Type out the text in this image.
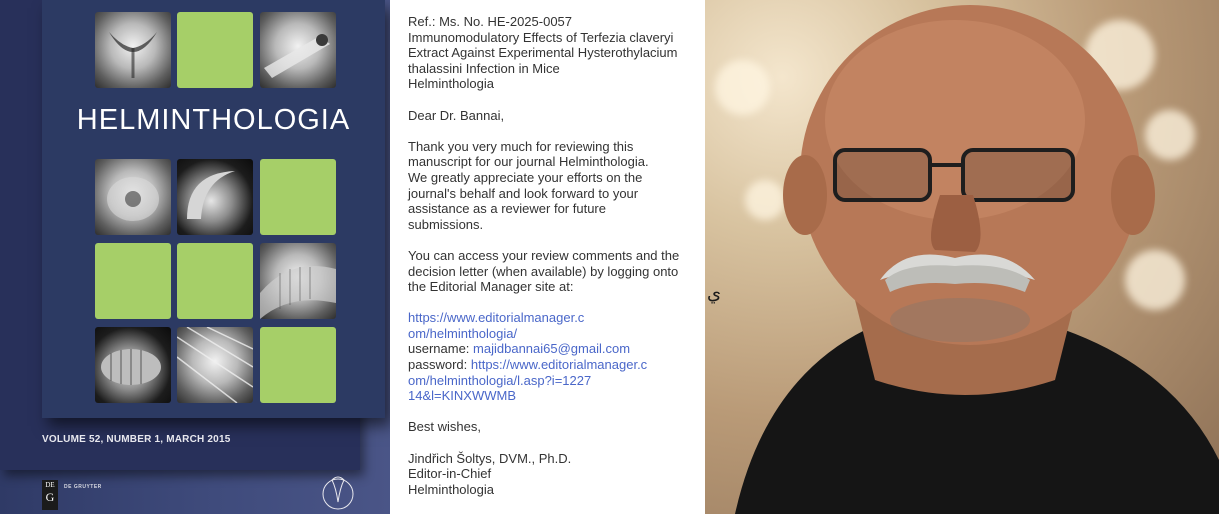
HELMINTHOLOGIA
VOLUME 52, NUMBER 1, MARCH 2015
DE
G
DE GRUYTER

Ref.: Ms. No. HE-2025-0057
Immunomodulatory Effects of Terfezia claveryi
Extract Against Experimental Hysterothylacium
thalassini Infection in Mice
Helminthologia

Dear Dr. Bannai,

Thank you very much for reviewing this
manuscript for our journal Helminthologia.
We greatly appreciate your efforts on the
journal's behalf and look forward to your
assistance as a reviewer for future
submissions.

You can access your review comments and the
decision letter (when available) by logging onto
the Editorial Manager site at:

https://www.editorialmanager.c
om/helminthologia/
username: majidbannai65@gmail.com
password: https://www.editorialmanager.c
om/helminthologia/l.asp?i=1227
14&l=KINXWWMB

Best wishes,

Jindřich Šoltys, DVM., Ph.D.
Editor-in-Chief
Helminthologia

ي
